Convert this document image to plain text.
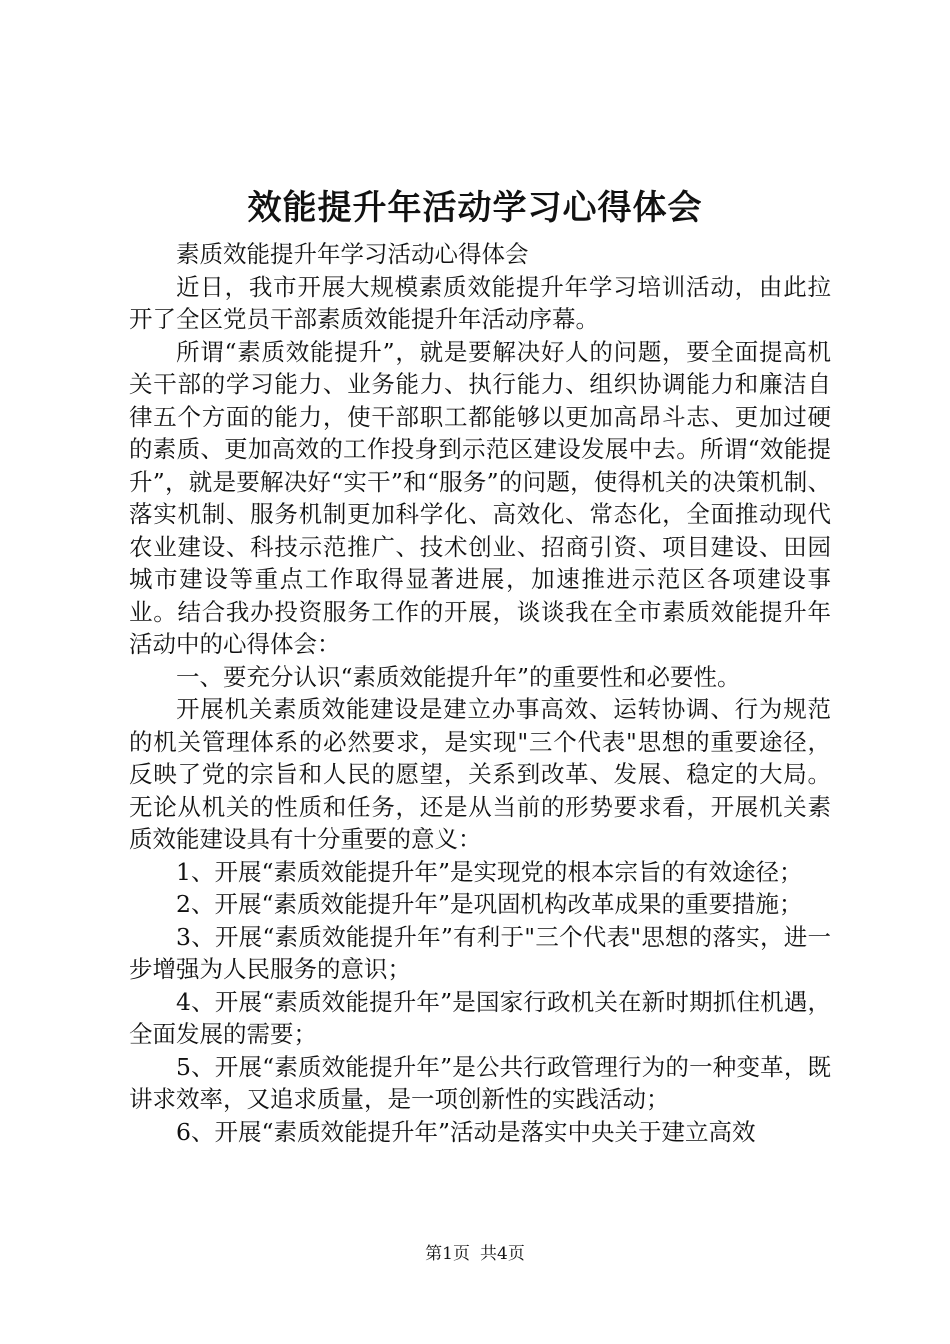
效能提升年活动学习心得体会

素质效能提升年学习活动心得体会

近日，我市开展大规模素质效能提升年学习培训活动，由此拉开了全区党员干部素质效能提升年活动序幕。

所谓“素质效能提升”，就是要解决好人的问题，要全面提高机关干部的学习能力、业务能力、执行能力、组织协调能力和廉洁自律五个方面的能力，使干部职工都能够以更加高昂斗志、更加过硬的素质、更加高效的工作投身到示范区建设发展中去。所谓“效能提升”，就是要解决好“实干”和“服务”的问题，使得机关的决策机制、落实机制、服务机制更加科学化、高效化、常态化，全面推动现代农业建设、科技示范推广、技术创业、招商引资、项目建设、田园城市建设等重点工作取得显著进展，加速推进示范区各项建设事业。结合我办投资服务工作的开展，谈谈我在全市素质效能提升年活动中的心得体会：

一、要充分认识“素质效能提升年”的重要性和必要性。

开展机关素质效能建设是建立办事高效、运转协调、行为规范的机关管理体系的必然要求，是实现"三个代表"思想的重要途径，反映了党的宗旨和人民的愿望，关系到改革、发展、稳定的大局。无论从机关的性质和任务，还是从当前的形势要求看，开展机关素质效能建设具有十分重要的意义：

1、开展“素质效能提升年”是实现党的根本宗旨的有效途径；

2、开展“素质效能提升年”是巩固机构改革成果的重要措施；

3、开展“素质效能提升年”有利于"三个代表"思想的落实，进一步增强为人民服务的意识；

4、开展“素质效能提升年”是国家行政机关在新时期抓住机遇，全面发展的需要；

5、开展“素质效能提升年”是公共行政管理行为的一种变革，既讲求效率，又追求质量，是一项创新性的实践活动；

6、开展“素质效能提升年”活动是落实中央关于建立高效

第1页 共4页
